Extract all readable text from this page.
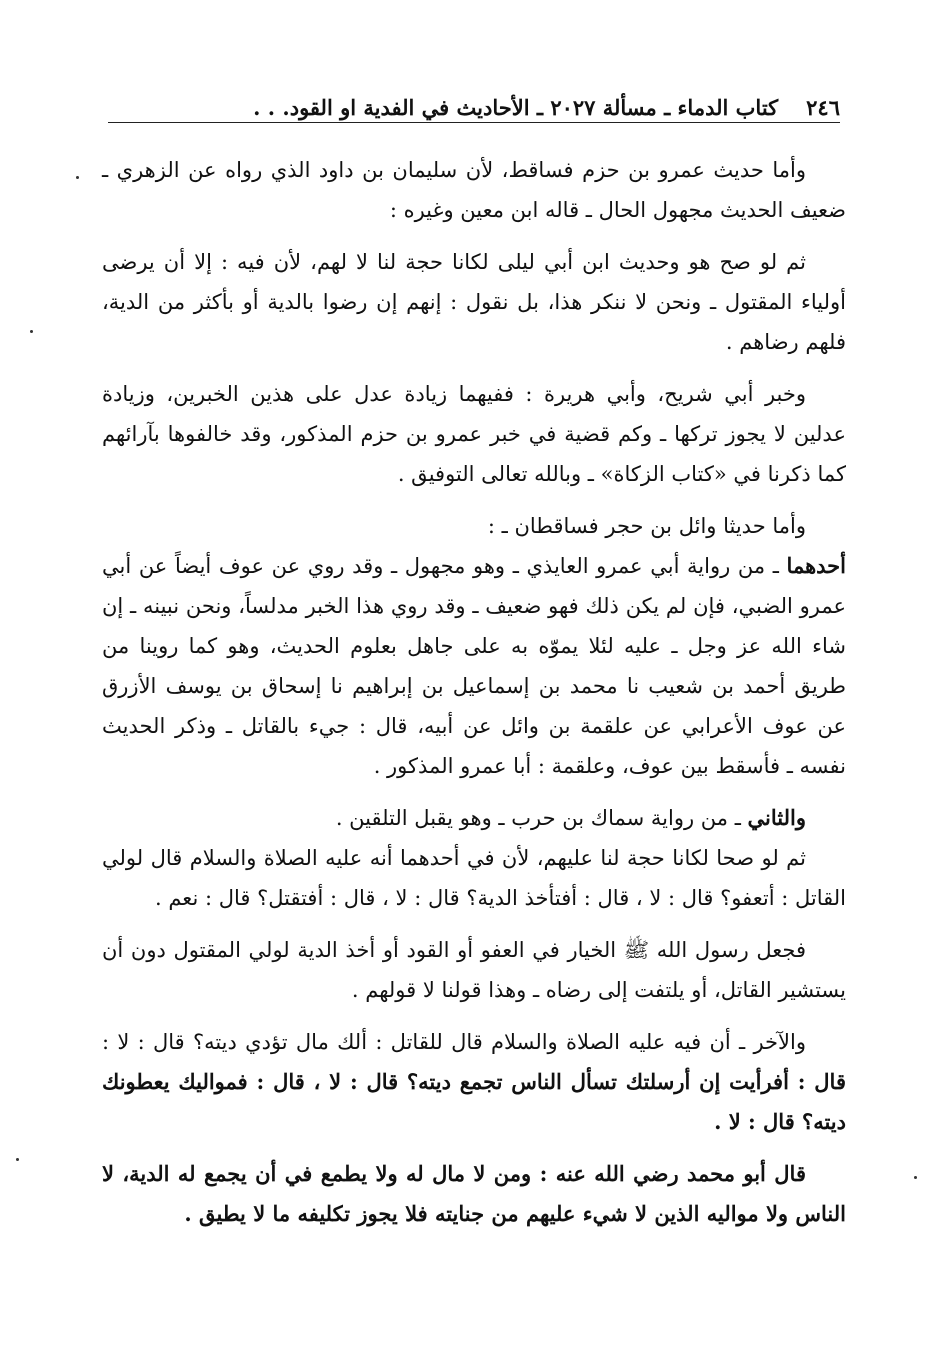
٢٤٦
كتاب الدماء ـ مسألة ٢٠٢٧ ـ الأحاديث في الفدية او القود. . .

وأما حديث عمرو بن حزم فساقط، لأن سليمان بن داود الذي رواه عن الزهري ـ ضعيف الحديث مجهول الحال ـ قاله ابن معين وغيره :

ثم لو صح هو وحديث ابن أبي ليلى لكانا حجة لنا لا لهم، لأن فيه : إلا أن يرضى أولياء المقتول ـ ونحن لا ننكر هذا، بل نقول : إنهم إن رضوا بالدية أو بأكثر من الدية، فلهم رضاهم .

وخبر أبي شريح، وأبي هريرة : ففيهما زيادة عدل على هذين الخبرين، وزيادة عدلين لا يجوز تركها ـ وكم قضية في خبر عمرو بن حزم المذكور، وقد خالفوها بآرائهم كما ذكرنا في «كتاب الزكاة» ـ وبالله تعالى التوفيق .

وأما حديثا وائل بن حجر فساقطان ـ :

أحدهما ـ من رواية أبي عمرو العايذي ـ وهو مجهول ـ وقد روي عن عوف أيضاً عن أبي عمرو الضبي، فإن لم يكن ذلك فهو ضعيف ـ وقد روي هذا الخبر مدلساً، ونحن نبينه ـ إن شاء الله عز وجل ـ عليه لئلا يموّه به على جاهل بعلوم الحديث، وهو كما روينا من طريق أحمد بن شعيب نا محمد بن إسماعيل بن إبراهيم نا إسحاق بن يوسف الأزرق عن عوف الأعرابي عن علقمة بن وائل عن أبيه، قال : جيء بالقاتل ـ وذكر الحديث نفسه ـ فأسقط بين عوف، وعلقمة : أبا عمرو المذكور .

والثاني ـ من رواية سماك بن حرب ـ وهو يقبل التلقين .

ثم لو صحا لكانا حجة لنا عليهم، لأن في أحدهما أنه عليه الصلاة والسلام قال لولي القاتل : أتعفو؟ قال : لا ، قال : أفتأخذ الدية؟ قال : لا ، قال : أفتقتل؟ قال : نعم .

فجعل رسول الله ﷺ الخيار في العفو أو القود أو أخذ الدية لولي المقتول دون أن يستشير القاتل، أو يلتفت إلى رضاه ـ وهذا قولنا لا قولهم .

والآخر ـ أن فيه عليه الصلاة والسلام قال للقاتل : ألك مال تؤدي ديته؟ قال : لا : قال : أفرأيت إن أرسلتك تسأل الناس تجمع ديته؟ قال : لا ، قال : فمواليك يعطونك ديته؟ قال : لا .

قال أبو محمد رضي الله عنه : ومن لا مال له ولا يطمع في أن يجمع له الدية، لا الناس ولا مواليه الذين لا شيء عليهم من جنايته فلا يجوز تكليفه ما لا يطيق .
